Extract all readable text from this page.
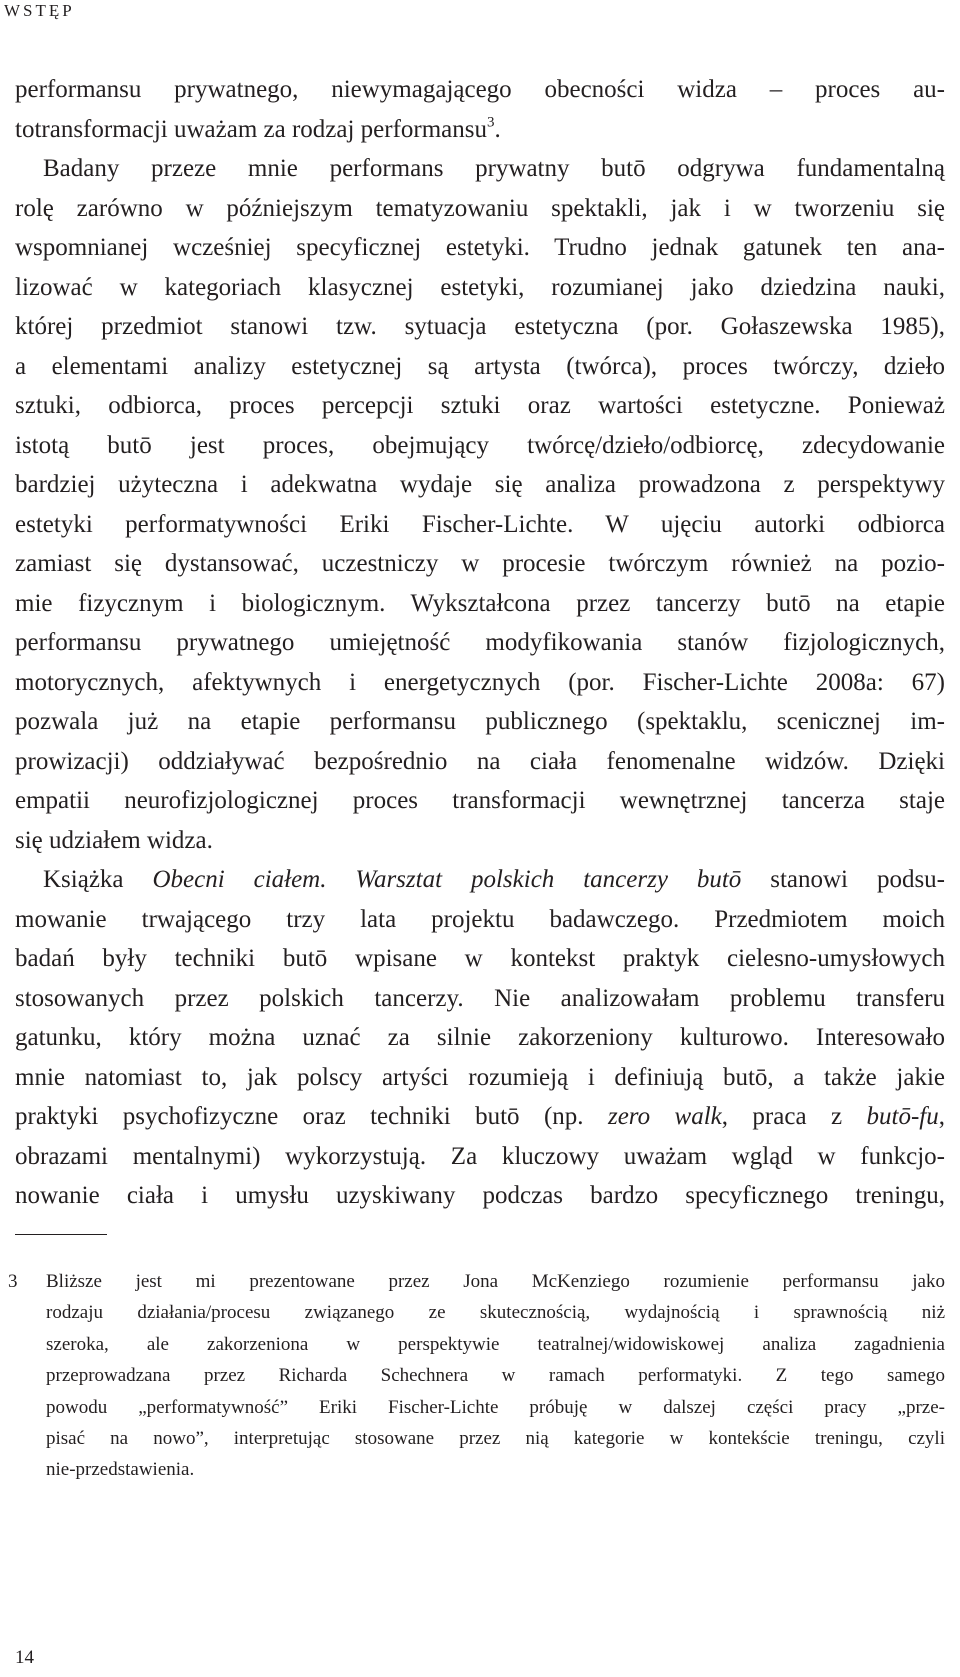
WSTĘP
performansu prywatnego, niewymagającego obecności widza – proces au-
totransformacji uważam za rodzaj performansu$^3$.
Badany przeze mnie performans prywatny butō odgrywa fundamentalną
rolę zarówno w późniejszym tematyzowaniu spektakli, jak i w tworzeniu się
wspomnianej wcześniej specyficznej estetyki. Trudno jednak gatunek ten ana-
lizować w kategoriach klasycznej estetyki, rozumianej jako dziedzina nauki,
której przedmiot stanowi tzw. sytuacja estetyczna (por. Gołaszewska 1985),
a elementami analizy estetycznej są artysta (twórca), proces twórczy, dzieło
sztuki, odbiorca, proces percepcji sztuki oraz wartości estetyczne. Ponieważ
istotą butō jest proces, obejmujący twórcę/dzieło/odbiorcę, zdecydowanie
bardziej użyteczna i adekwatna wydaje się analiza prowadzona z perspektywy
estetyki performatywności Eriki Fischer-Lichte. W ujęciu autorki odbiorca
zamiast się dystansować, uczestniczy w procesie twórczym również na pozio-
mie fizycznym i biologicznym. Wykształcona przez tancerzy butō na etapie
performansu prywatnego umiejętność modyfikowania stanów fizjologicznych,
motorycznych, afektywnych i energetycznych (por. Fischer-Lichte 2008a: 67)
pozwala już na etapie performansu publicznego (spektaklu, scenicznej im-
prowizacji) oddziaływać bezpośrednio na ciała fenomenalne widzów. Dzięki
empatii neurofizjologicznej proces transformacji wewnętrznej tancerza staje
się udziałem widza.
Książka Obecni ciałem. Warsztat polskich tancerzy butō stanowi podsu-
mowanie trwającego trzy lata projektu badawczego. Przedmiotem moich
badań były techniki butō wpisane w kontekst praktyk cielesno-umysłowych
stosowanych przez polskich tancerzy. Nie analizowałam problemu transferu
gatunku, który można uznać za silnie zakorzeniony kulturowo. Interesowało
mnie natomiast to, jak polscy artyści rozumieją i definiują butō, a także jakie
praktyki psychofizyczne oraz techniki butō (np. zero walk, praca z butō-fu,
obrazami mentalnymi) wykorzystują. Za kluczowy uważam wgląd w funkcjo-
nowanie ciała i umysłu uzyskiwany podczas bardzo specyficznego treningu,
3 Bliższe jest mi prezentowane przez Jona McKenziego rozumienie performansu jako
rodzaju działania/procesu związanego ze skutecznością, wydajnością i sprawnością niż
szeroka, ale zakorzeniona w perspektywie teatralnej/widowiskowej analiza zagadnienia
przeprowadzana przez Richarda Schechnera w ramach performatyki. Z tego samego
powodu „performatywność” Eriki Fischer-Lichte próbuję w dalszej części pracy „prze-
pisać na nowo”, interpretując stosowane przez nią kategorie w kontekście treningu, czyli
nie-przedstawienia.
14
